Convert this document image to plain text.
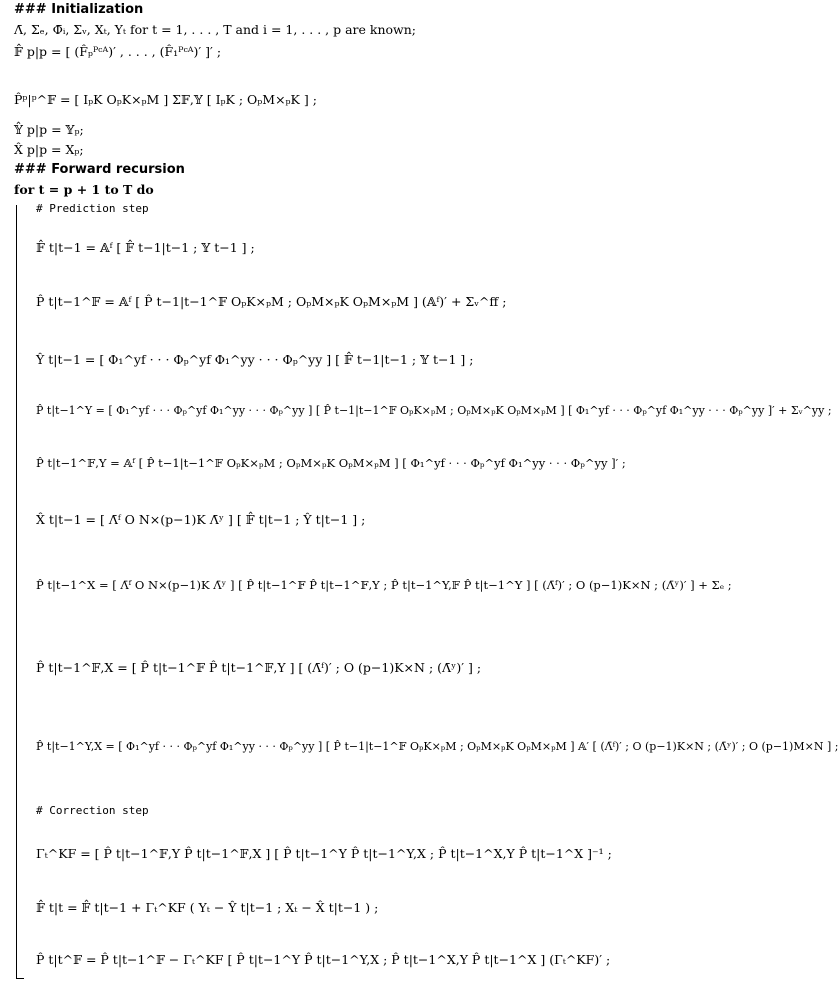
### Initialization
Λ̄, Σₑ, Φ̄ᵢ, Σᵥ, Xₜ, Yₜ for t = 1, . . . , T and i = 1, . . . , p are known;
𝔽̂ p|p = [ (F̂ₚᴾᶜᴬ)′ , . . . , (F̂₁ᴾᶜᴬ)′ ]′ ;
P̂ᵖ|ᵖ^𝔽 = [ IₚK OₚK×ₚM ] Σ𝔽,𝕐 [ IₚK ; OₚM×ₚK ] ;
𝕐̂ p|p = 𝕐ₚ;
X̂ p|p = Xₚ;
### Forward recursion
for t = p + 1 to T do
# Prediction step
𝔽̂ t|t−1 = 𝔸ᶠ [ 𝔽̂ t−1|t−1 ; 𝕐 t−1 ] ;
P̂ t|t−1^𝔽 = 𝔸ᶠ [ P̂ t−1|t−1^𝔽 OₚK×ₚM ; OₚM×ₚK OₚM×ₚM ] (𝔸ᶠ)′ + Σᵥ^ff ;
Ŷ t|t−1 = [ Φ₁^yf · · · Φₚ^yf Φ₁^yy · · · Φₚ^yy ] [ 𝔽̂ t−1|t−1 ; 𝕐 t−1 ] ;
P̂ t|t−1^Y = [ Φ₁^yf · · · Φₚ^yf Φ₁^yy · · · Φₚ^yy ] [ P̂ t−1|t−1^𝔽 OₚK×ₚM ; OₚM×ₚK OₚM×ₚM ] [ Φ₁^yf · · · Φₚ^yf Φ₁^yy · · · Φₚ^yy ]′ + Σᵥ^yy ;
P̂ t|t−1^𝔽,Y = 𝔸ᶠ [ P̂ t−1|t−1^𝔽 OₚK×ₚM ; OₚM×ₚK OₚM×ₚM ] [ Φ₁^yf · · · Φₚ^yf Φ₁^yy · · · Φₚ^yy ]′ ;
X̂ t|t−1 = [ Λ̄ᶠ O N×(p−1)K Λ̄ʸ ] [ 𝔽̂ t|t−1 ; Ŷ t|t−1 ] ;
P̂ t|t−1^X = [ Λ̄ᶠ O N×(p−1)K Λ̄ʸ ] [ P̂ t|t−1^𝔽 P̂ t|t−1^𝔽,Y ; P̂ t|t−1^Y,𝔽 P̂ t|t−1^Y ] [ (Λ̄ᶠ)′ ; O (p−1)K×N ; (Λ̄ʸ)′ ] + Σₑ ;
P̂ t|t−1^𝔽,X = [ P̂ t|t−1^𝔽 P̂ t|t−1^𝔽,Y ] [ (Λ̄ᶠ)′ ; O (p−1)K×N ; (Λ̄ʸ)′ ] ;
P̂ t|t−1^Y,X = [ Φ₁^yf · · · Φₚ^yf Φ₁^yy · · · Φₚ^yy ] [ P̂ t−1|t−1^𝔽 OₚK×ₚM ; OₚM×ₚK OₚM×ₚM ] 𝔸′ [ (Λ̄ᶠ)′ ; O (p−1)K×N ; (Λ̄ʸ)′ ; O (p−1)M×N ] ;
# Correction step
Γₜ^KF = [ P̂ t|t−1^𝔽,Y P̂ t|t−1^𝔽,X ] [ P̂ t|t−1^Y P̂ t|t−1^Y,X ; P̂ t|t−1^X,Y P̂ t|t−1^X ]⁻¹ ;
𝔽̂ t|t = 𝔽̂ t|t−1 + Γₜ^KF ( Yₜ − Ŷ t|t−1 ; Xₜ − X̂ t|t−1 ) ;
P̂ t|t^𝔽 = P̂ t|t−1^𝔽 − Γₜ^KF [ P̂ t|t−1^Y P̂ t|t−1^Y,X ; P̂ t|t−1^X,Y P̂ t|t−1^X ] (Γₜ^KF)′ ;
